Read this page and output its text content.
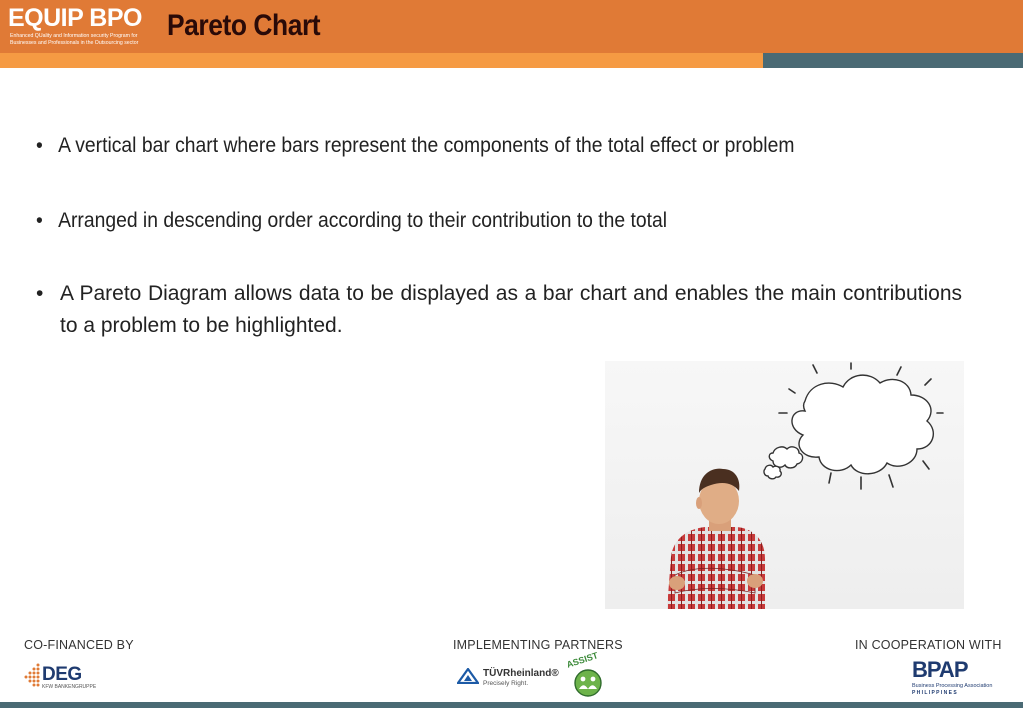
EQUIP BPO
Enhanced QUality and Information security Program for Businesses and Professionals in the Outsourcing sector
Pareto Chart
• A vertical bar chart where bars represent the components of the total effect or problem
• Arranged in descending order according to their contribution to the total
• A Pareto Diagram allows data to be displayed as a bar chart and enables the main contributions to a problem to be highlighted.

CO-FINANCED BY	IMPLEMENTING PARTNERS	IN COOPERATION WITH

DEG
KFW BANKENGRUPPE
TÜVRheinland®
Precisely Right.
ASSIST	BPAP
Business Processing Association
P H I L I P P I N E S
